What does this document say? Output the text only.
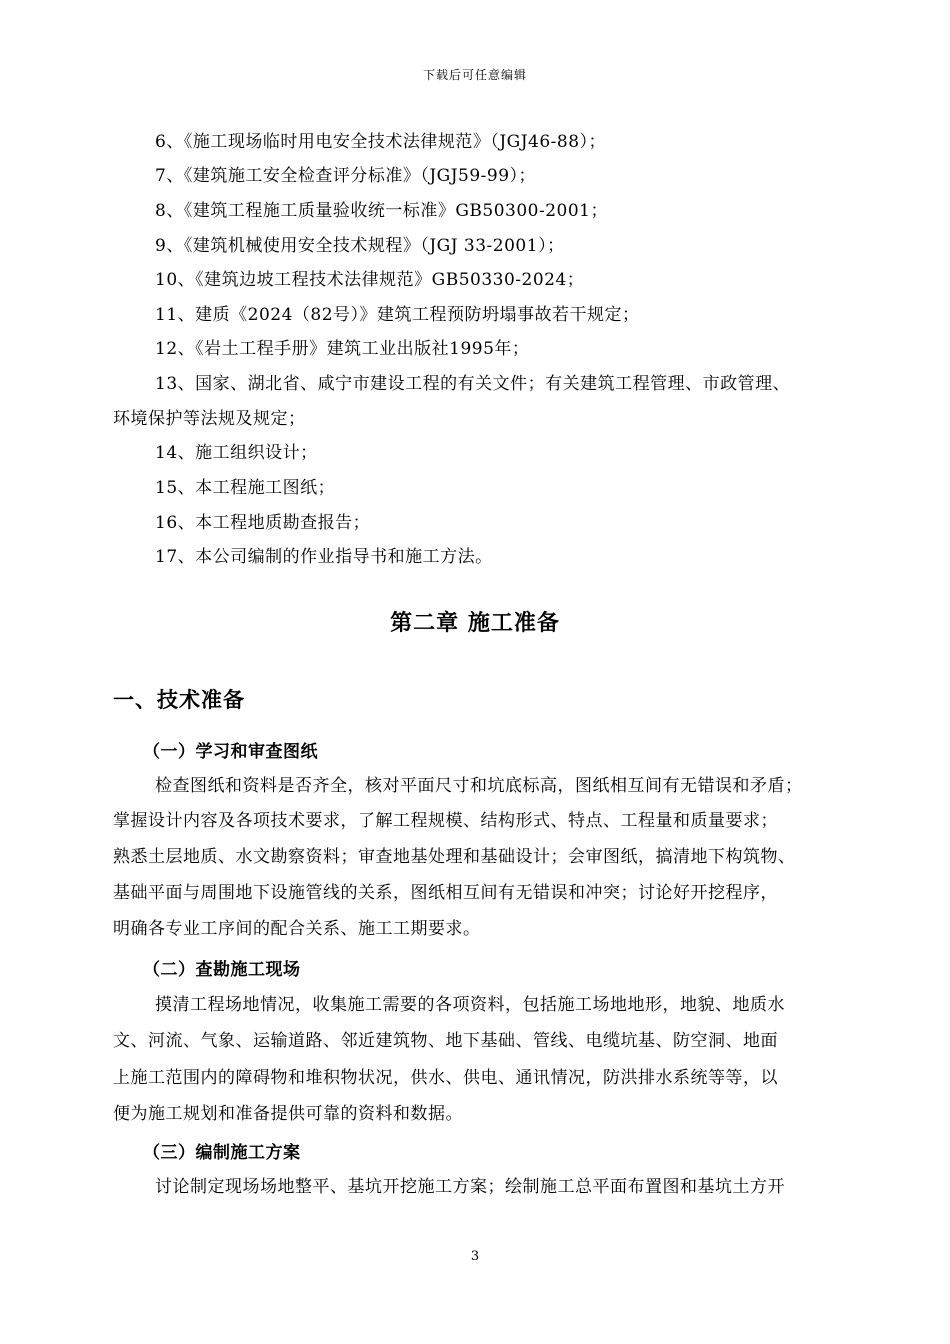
下载后可任意编辑
6、《施工现场临时用电安全技术法律规范》（JGJ46-88）；
7、《建筑施工安全检查评分标准》（JGJ59-99）；
8、《建筑工程施工质量验收统一标准》GB50300-2001；
9、《建筑机械使用安全技术规程》（JGJ 33-2001）；
10、《建筑边坡工程技术法律规范》GB50330-2024；
11、建质《2024（82号）》建筑工程预防坍塌事故若干规定；
12、《岩土工程手册》建筑工业出版社1995年；
13、国家、湖北省、咸宁市建设工程的有关文件；有关建筑工程管理、市政管理、
环境保护等法规及规定；
14、施工组织设计；
15、本工程施工图纸；
16、本工程地质勘查报告；
17、本公司编制的作业指导书和施工方法。
第二章 施工准备
一、技术准备
（一）学习和审查图纸
检查图纸和资料是否齐全，核对平面尺寸和坑底标高，图纸相互间有无错误和矛盾；
掌握设计内容及各项技术要求，了解工程规模、结构形式、特点、工程量和质量要求；
熟悉土层地质、水文勘察资料；审查地基处理和基础设计；会审图纸，搞清地下构筑物、
基础平面与周围地下设施管线的关系，图纸相互间有无错误和冲突；讨论好开挖程序，
明确各专业工序间的配合关系、施工工期要求。
（二）查勘施工现场
摸清工程场地情况，收集施工需要的各项资料，包括施工场地地形，地貌、地质水
文、河流、气象、运输道路、邻近建筑物、地下基础、管线、电缆坑基、防空洞、地面
上施工范围内的障碍物和堆积物状况，供水、供电、通讯情况，防洪排水系统等等，以
便为施工规划和准备提供可靠的资料和数据。
（三）编制施工方案
讨论制定现场场地整平、基坑开挖施工方案；绘制施工总平面布置图和基坑土方开
3
